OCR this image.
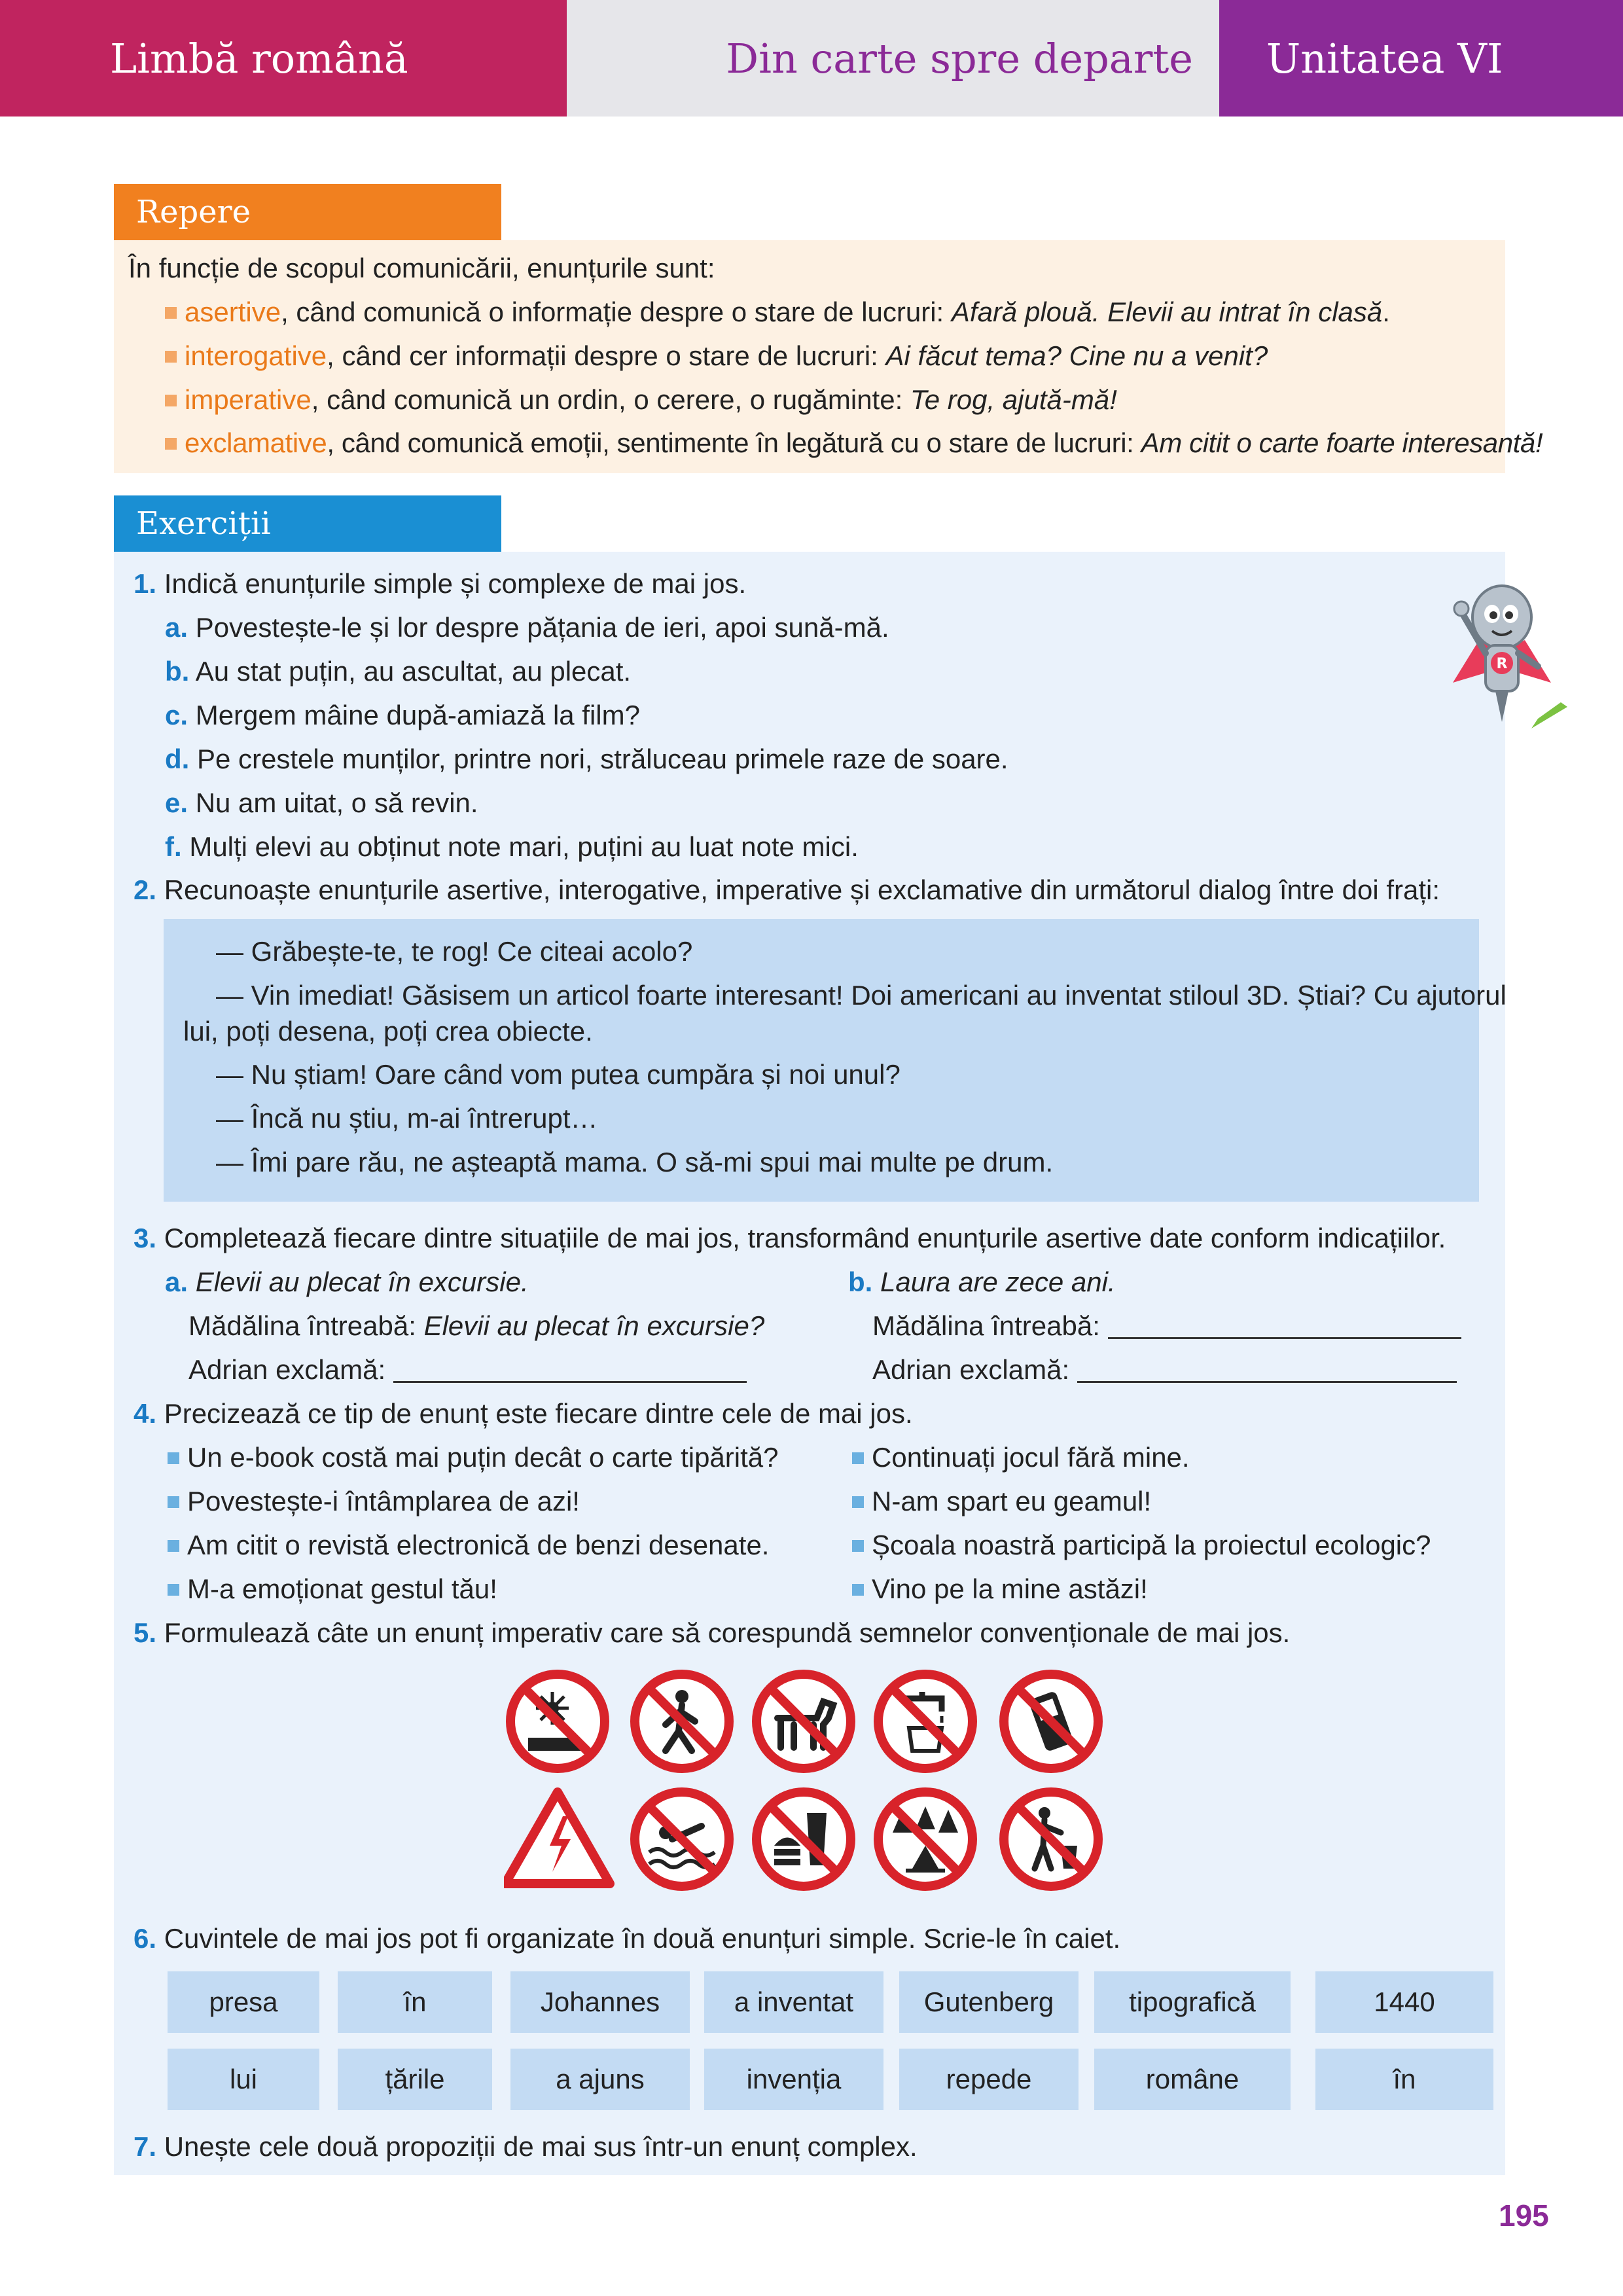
Limbă română	Din carte spre departe	Unitatea VI
Repere
În funcție de scopul comunicării, enunțurile sunt:
asertive, când comunică o informație despre o stare de lucruri: Afară plouă. Elevii au intrat în clasă.
interogative, când cer informații despre o stare de lucruri: Ai făcut tema? Cine nu a venit?
imperative, când comunică un ordin, o cerere, o rugăminte: Te rog, ajută-mă!
exclamative, când comunică emoții, sentimente în legătură cu o stare de lucruri: Am citit o carte foarte interesantă!
Exerciții
R
1. Indică enunțurile simple și complexe de mai jos.
a. Povestește-le și lor despre pățania de ieri, apoi sună-mă.
b. Au stat puțin, au ascultat, au plecat.
c. Mergem mâine după-amiază la film?
d. Pe crestele munților, printre nori, străluceau primele raze de soare.
e. Nu am uitat, o să revin.
f. Mulți elevi au obținut note mari, puțini au luat note mici.
2. Recunoaște enunțurile asertive, interogative, imperative și exclamative din următorul dialog între doi frați:
— Grăbește-te, te rog! Ce citeai acolo?
— Vin imediat! Găsisem un articol foarte interesant! Doi americani au inventat stiloul 3D. Știai? Cu ajutorul
lui, poți desena, poți crea obiecte.
— Nu știam! Oare când vom putea cumpăra și noi unul?
— Încă nu știu, m-ai întrerupt…
— Îmi pare rău, ne așteaptă mama. O să-mi spui mai multe pe drum.
3. Completează fiecare dintre situațiile de mai jos, transformând enunțurile asertive date conform indicațiilor.
a. Elevii au plecat în excursie.
Mădălina întreabă: Elevii au plecat în excursie?
Adrian exclamă:
b. Laura are zece ani.
Mădălina întreabă:
Adrian exclamă:
4. Precizează ce tip de enunț este fiecare dintre cele de mai jos.
Un e-book costă mai puțin decât o carte tipărită?
Povestește-i întâmplarea de azi!
Am citit o revistă electronică de benzi desenate.
M-a emoționat gestul tău!
Continuați jocul fără mine.
N-am spart eu geamul!
Școala noastră participă la proiectul ecologic?
Vino pe la mine astăzi!
5. Formulează câte un enunț imperativ care să corespundă semnelor convenționale de mai jos.
6. Cuvintele de mai jos pot fi organizate în două enunțuri simple. Scrie-le în caiet.
presa	în	Johannes	a inventat	Gutenberg	tipografică	1440
lui	țările	a ajuns	invenția	repede	române	în
7. Unește cele două propoziții de mai sus într-un enunț complex.
195
